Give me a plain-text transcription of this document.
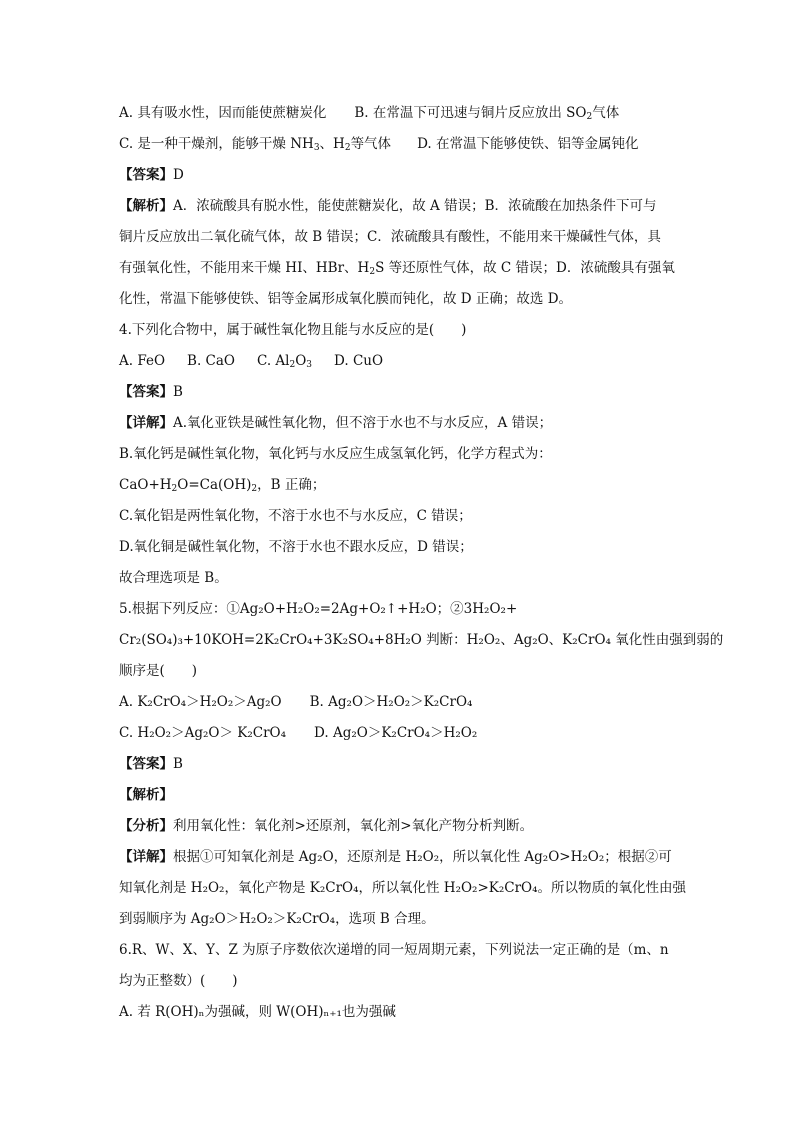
A. 具有吸水性，因而能使蔗糖炭化 B. 在常温下可迅速与铜片反应放出 $SO_2$气体
C. 是一种干燥剂，能够干燥 $NH_3$、$H_2$等气体 D. 在常温下能够使铁、铝等金属钝化
【答案】D
【解析】A．浓硫酸具有脱水性，能使蔗糖炭化，故 A 错误；B．浓硫酸在加热条件下可与
铜片反应放出二氧化硫气体，故 B 错误；C．浓硫酸具有酸性，不能用来干燥碱性气体，具
有强氧化性，不能用来干燥 HI、HBr、$H_2S$ 等还原性气体，故 C 错误；D．浓硫酸具有强氧
化性，常温下能够使铁、铝等金属形成氧化膜而钝化，故 D 正确；故选 D。
4.下列化合物中，属于碱性氧化物且能与水反应的是(　　)
A. FeO B. CaO C. $Al_2O_3$ D. CuO
【答案】B
【详解】A.氧化亚铁是碱性氧化物，但不溶于水也不与水反应，A 错误；
B.氧化钙是碱性氧化物，氧化钙与水反应生成氢氧化钙，化学方程式为：
$CaO+H_2O=Ca(OH)_2$，B 正确；
C.氧化铝是两性氧化物，不溶于水也不与水反应，C 错误；
D.氧化铜是碱性氧化物，不溶于水也不跟水反应，D 错误；
故合理选项是 B。
5.根据下列反应：①Ag₂O+H₂O₂=2Ag+O₂↑+H₂O；②3H₂O₂+
Cr₂(SO₄)₃+10KOH=2K₂CrO₄+3K₂SO₄+8H₂O 判断：H₂O₂、Ag₂O、K₂CrO₄ 氧化性由强到弱的
顺序是(　　)
A. K₂CrO₄＞H₂O₂＞Ag₂O B. Ag₂O＞H₂O₂＞K₂CrO₄
C. H₂O₂＞Ag₂O＞ K₂CrO₄ D. Ag₂O＞K₂CrO₄＞H₂O₂
【答案】B
【解析】
【分析】利用氧化性：氧化剂>还原剂，氧化剂>氧化产物分析判断。
【详解】根据①可知氧化剂是 Ag₂O，还原剂是 H₂O₂，所以氧化性 Ag₂O>H₂O₂；根据②可
知氧化剂是 H₂O₂，氧化产物是 K₂CrO₄，所以氧化性 H₂O₂>K₂CrO₄。所以物质的氧化性由强
到弱顺序为 Ag₂O＞H₂O₂＞K₂CrO₄，选项 B 合理。
6.R、W、X、Y、Z 为原子序数依次递增的同一短周期元素，下列说法一定正确的是（m、n
均为正整数）(　　)
A. 若 R(OH)ₙ为强碱，则 W(OH)ₙ₊₁也为强碱
